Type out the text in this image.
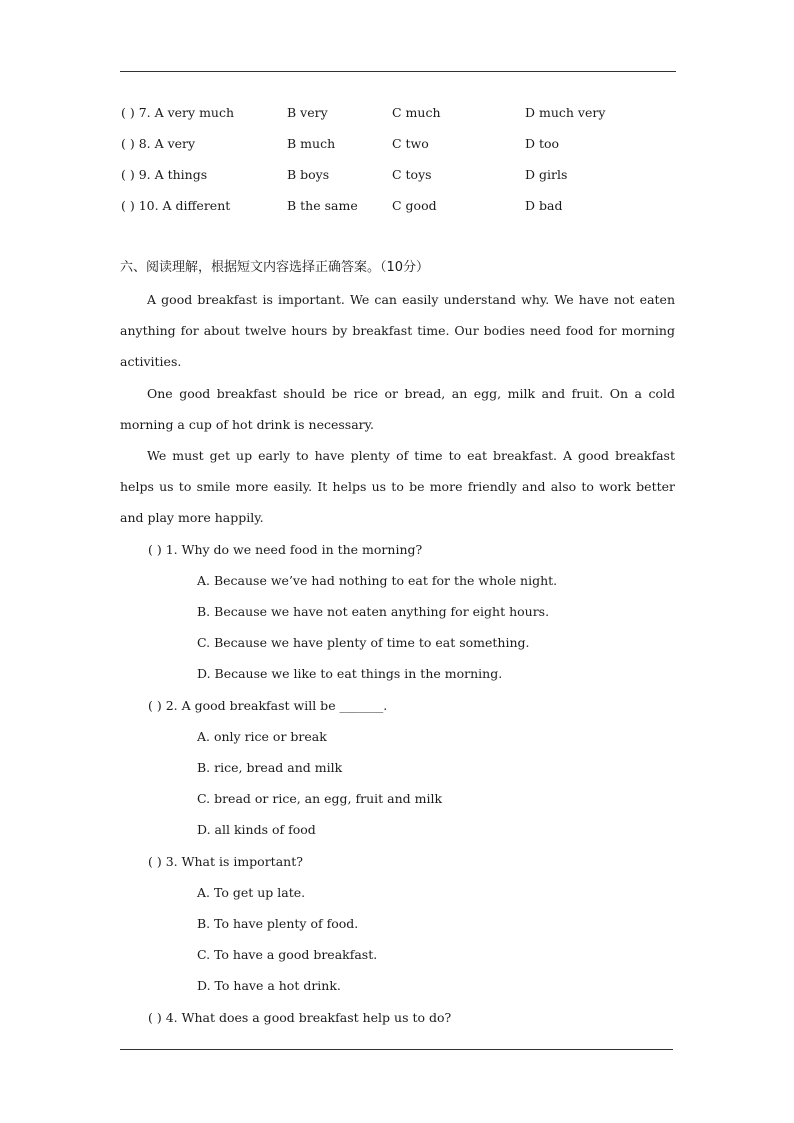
( ) 7. A very much	B very	C much	D much very
( ) 8. A very	B much	C two	D too
( ) 9. A things	B boys	C toys	D girls
( ) 10. A different	B the same	C good	D bad
六、阅读理解，根据短文内容选择正确答案。（10分）

A good breakfast is important. We can easily understand why. We have not eaten anything for about twelve hours by breakfast time. Our bodies need food for morning activities.

One good breakfast should be rice or bread, an egg, milk and fruit. On a cold morning a cup of hot drink is necessary.

We must get up early to have plenty of time to eat breakfast. A good breakfast helps us to smile more easily. It helps us to be more friendly and also to work better and play more happily.

( ) 1. Why do we need food in the morning?
A. Because we’ve had nothing to eat for the whole night.
B. Because we have not eaten anything for eight hours.
C. Because we have plenty of time to eat something.
D. Because we like to eat things in the morning.
( ) 2. A good breakfast will be _______.
A. only rice or break
B. rice, bread and milk
C. bread or rice, an egg, fruit and milk
D. all kinds of food
( ) 3. What is important?
A. To get up late.
B. To have plenty of food.
C. To have a good breakfast.
D. To have a hot drink.
( ) 4. What does a good breakfast help us to do?
